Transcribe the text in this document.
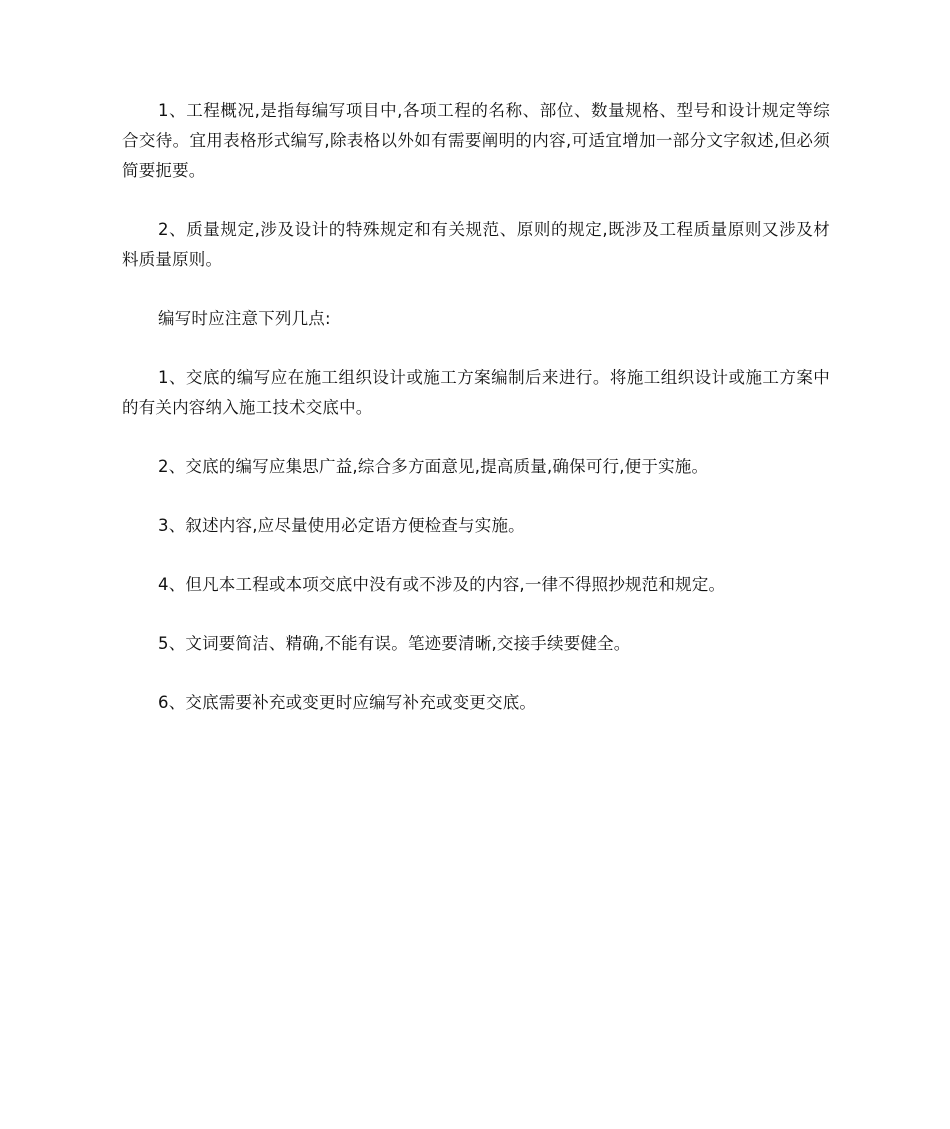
1、工程概况,是指每编写项目中,各项工程的名称、部位、数量规格、型号和设计规定等综合交待。宜用表格形式编写,除表格以外如有需要阐明的内容,可适宜增加一部分文字叙述,但必须简要扼要。

2、质量规定,涉及设计的特殊规定和有关规范、原则的规定,既涉及工程质量原则又涉及材料质量原则。

编写时应注意下列几点:

1、交底的编写应在施工组织设计或施工方案编制后来进行。将施工组织设计或施工方案中的有关内容纳入施工技术交底中。

2、交底的编写应集思广益,综合多方面意见,提高质量,确保可行,便于实施。

3、叙述内容,应尽量使用必定语方便检查与实施。

4、但凡本工程或本项交底中没有或不涉及的内容,一律不得照抄规范和规定。

5、文词要简洁、精确,不能有误。笔迹要清晰,交接手续要健全。

6、交底需要补充或变更时应编写补充或变更交底。
